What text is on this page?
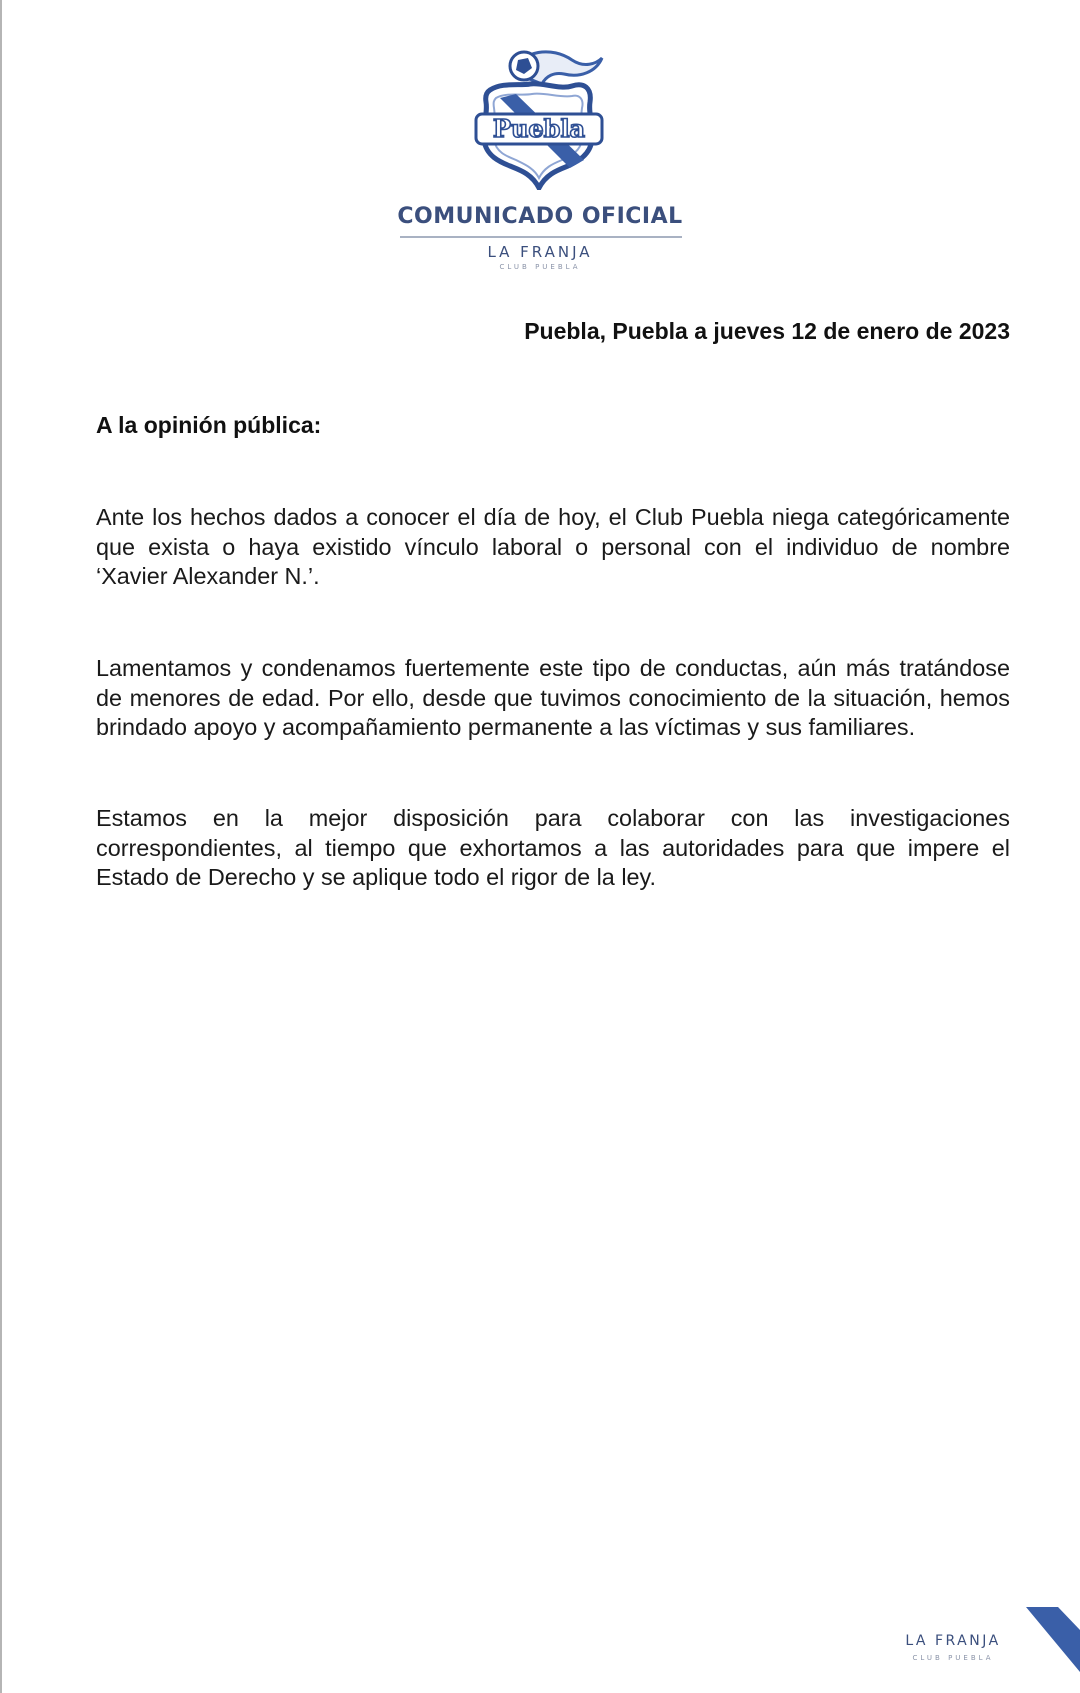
Puebla
COMUNICADO OFICIAL
LA FRANJA
CLUB PUEBLA
Puebla, Puebla a jueves 12 de enero de 2023
A la opinión pública:
Ante los hechos dados a conocer el día de hoy, el Club Puebla niega categóricamente
que exista o haya existido vínculo laboral o personal con el individuo de nombre
‘Xavier Alexander N.’.
Lamentamos y condenamos fuertemente este tipo de conductas, aún más tratándose
de menores de edad. Por ello, desde que tuvimos conocimiento de la situación, hemos
brindado apoyo y acompañamiento permanente a las víctimas y sus familiares.
Estamos en la mejor disposición para colaborar con las investigaciones
correspondientes, al tiempo que exhortamos a las autoridades para que impere el
Estado de Derecho y se aplique todo el rigor de la ley.
LA FRANJA
CLUB PUEBLA
